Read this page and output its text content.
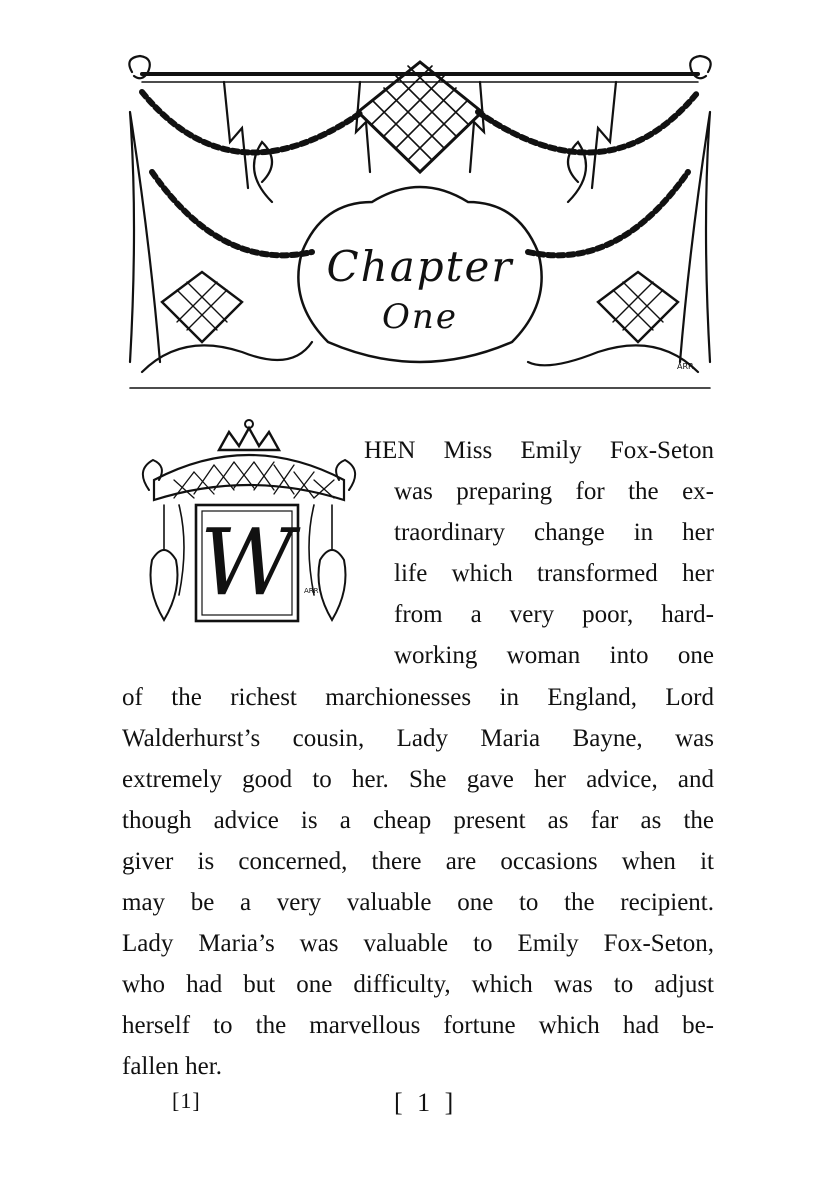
ARR
Chapter
One
ARR
W
HEN Miss Emily Fox-Seton
was preparing for the ex-
traordinary change in her
life which transformed her
from a very poor, hard-
working woman into one
of the richest marchionesses in England, Lord
Walderhurst’s cousin, Lady Maria Bayne, was
extremely good to her. She gave her advice, and
though advice is a cheap present as far as the
giver is concerned, there are occasions when it
may be a very valuable one to the recipient.
Lady Maria’s was valuable to Emily Fox-Seton,
who had but one difficulty, which was to adjust
herself to the marvellous fortune which had be-
fallen her.
[1]	[ 1 ]
